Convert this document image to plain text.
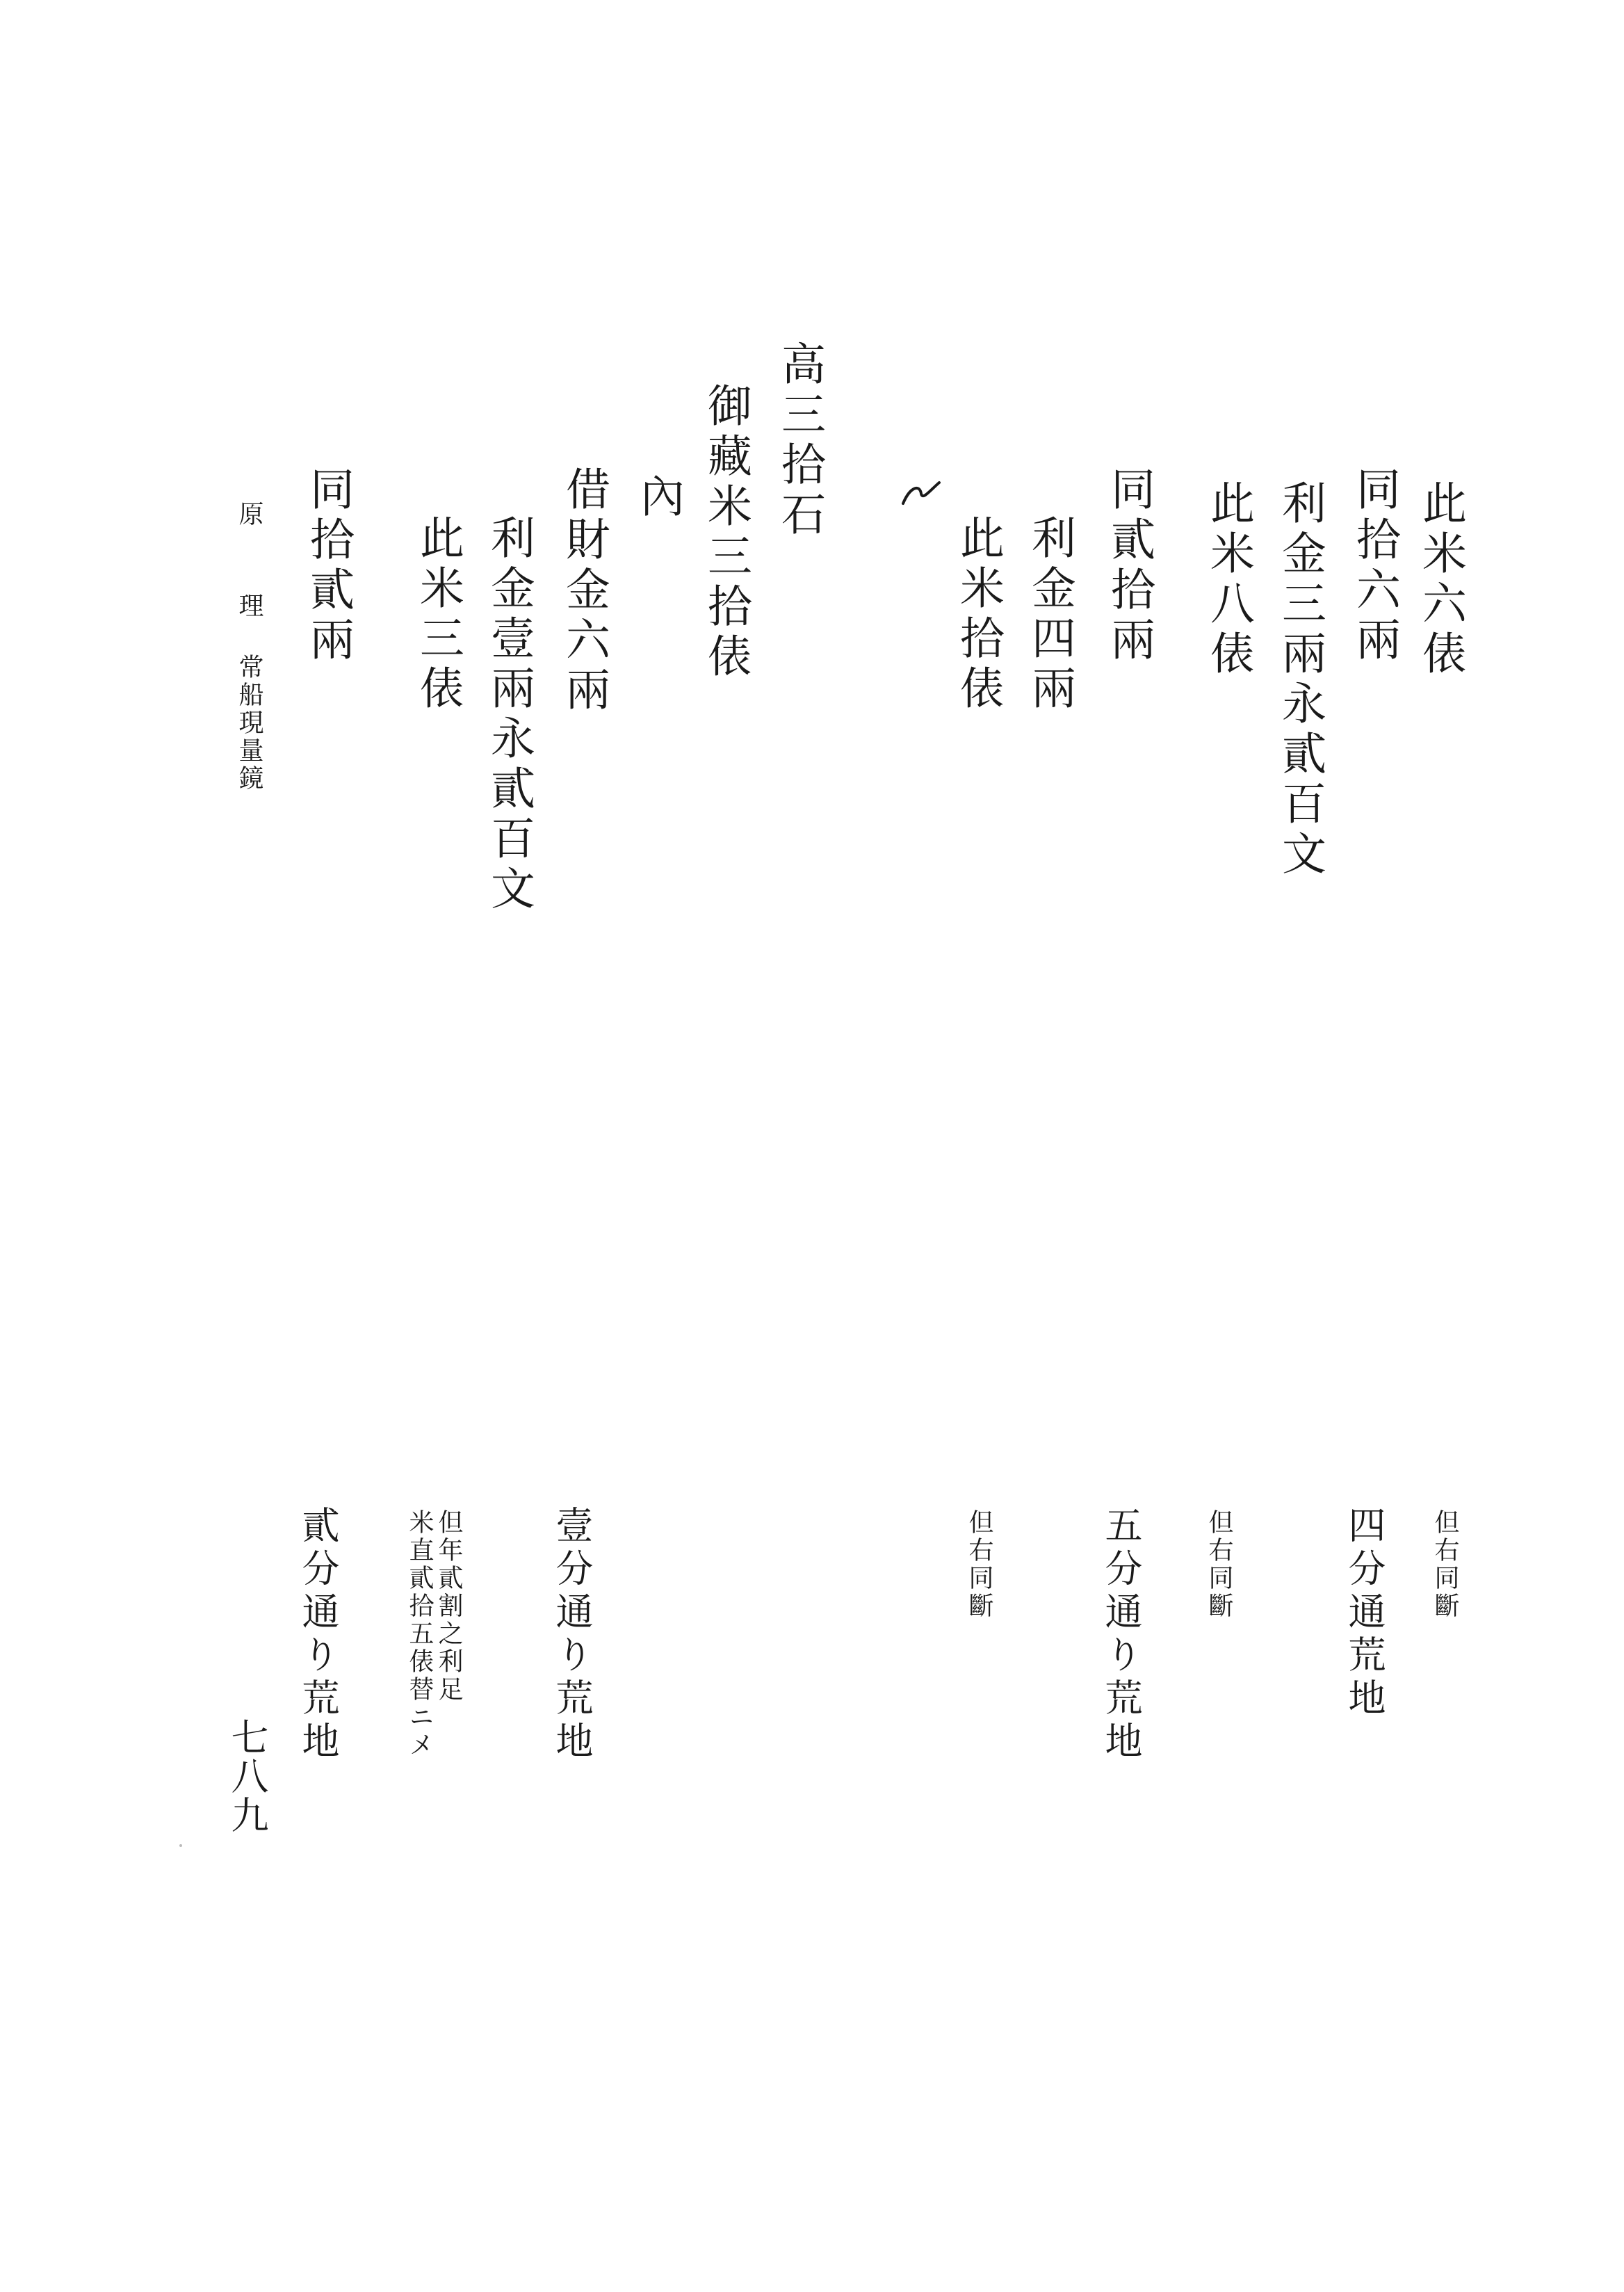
此米六俵
同拾六兩
利金三兩永貳百文
此米八俵
同貳拾兩
利金四兩
此米拾俵
高三拾石
御藏米三拾俵
內
借財金六兩
利金壹兩永貳百文
此米三俵
同拾貳兩
但右同斷
四分通荒地
但右同斷
五分通り荒地
但右同斷
壹分通り荒地
但年貳割之利足
米直貳拾五俵替ニメ
貳分通り荒地
原　理
常船現量鏡
七八九
